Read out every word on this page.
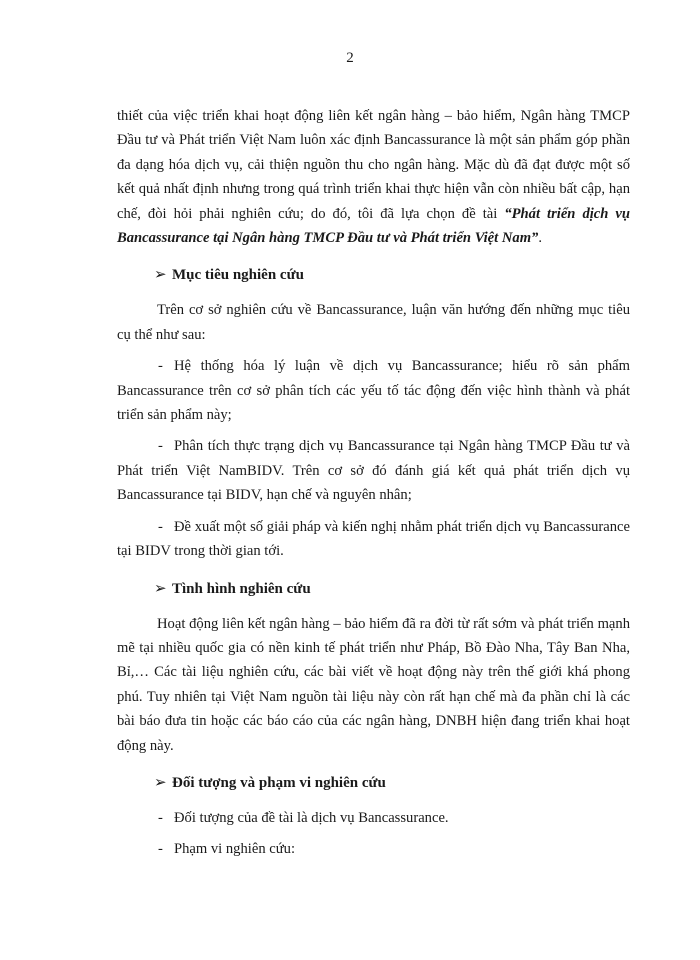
2

thiết của việc triển khai hoạt động liên kết ngân hàng – bảo hiểm, Ngân hàng TMCP Đầu tư và Phát triển Việt Nam luôn xác định Bancassurance là một sản phẩm góp phần đa dạng hóa dịch vụ, cải thiện nguồn thu cho ngân hàng. Mặc dù đã đạt được một số kết quả nhất định nhưng trong quá trình triển khai thực hiện vẫn còn nhiều bất cập, hạn chế, đòi hỏi phải nghiên cứu; do đó, tôi đã lựa chọn đề tài “Phát triển dịch vụ Bancassurance tại Ngân hàng TMCP Đầu tư và Phát triển Việt Nam”.

➢ Mục tiêu nghiên cứu

Trên cơ sở nghiên cứu về Bancassurance, luận văn hướng đến những mục tiêu cụ thể như sau:

- Hệ thống hóa lý luận về dịch vụ Bancassurance; hiểu rõ sản phẩm Bancassurance trên cơ sở phân tích các yếu tố tác động đến việc hình thành và phát triển sản phẩm này;

- Phân tích thực trạng dịch vụ Bancassurance tại Ngân hàng TMCP Đầu tư và Phát triển Việt NamBIDV. Trên cơ sở đó đánh giá kết quả phát triển dịch vụ Bancassurance tại BIDV, hạn chế và nguyên nhân;

- Đề xuất một số giải pháp và kiến nghị nhằm phát triển dịch vụ Bancassurance tại BIDV trong thời gian tới.

➢ Tình hình nghiên cứu

Hoạt động liên kết ngân hàng – bảo hiểm đã ra đời từ rất sớm và phát triển mạnh mẽ tại nhiều quốc gia có nền kinh tế phát triển như Pháp, Bồ Đào Nha, Tây Ban Nha, Bỉ,… Các tài liệu nghiên cứu, các bài viết về hoạt động này trên thế giới khá phong phú. Tuy nhiên tại Việt Nam nguồn tài liệu này còn rất hạn chế mà đa phần chỉ là các bài báo đưa tin hoặc các báo cáo của các ngân hàng, DNBH hiện đang triển khai hoạt động này.

➢ Đối tượng và phạm vi nghiên cứu

- Đối tượng của đề tài là dịch vụ Bancassurance.

- Phạm vi nghiên cứu:
